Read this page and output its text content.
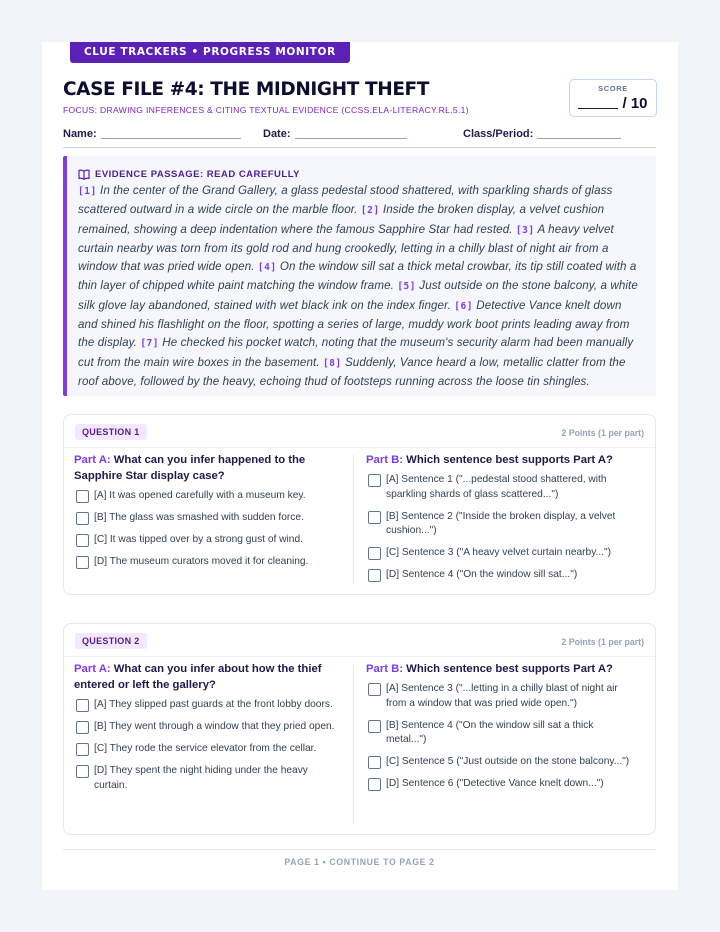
CLUE TRACKERS • PROGRESS MONITOR
CASE FILE #4: THE MIDNIGHT THEFT
FOCUS: DRAWING INFERENCES & CITING TEXTUAL EVIDENCE (CCSS.ELA-LITERACY.RL.5.1)
SCORE
/ 10
Name:	Date:	Class/Period:
EVIDENCE PASSAGE: READ CAREFULLY
[1] In the center of the Grand Gallery, a glass pedestal stood shattered, with sparkling shards of glass scattered outward in a wide circle on the marble floor. [2] Inside the broken display, a velvet cushion remained, showing a deep indentation where the famous Sapphire Star had rested. [3] A heavy velvet curtain nearby was torn from its gold rod and hung crookedly, letting in a chilly blast of night air from a window that was pried wide open. [4] On the window sill sat a thick metal crowbar, its tip still coated with a thin layer of chipped white paint matching the window frame. [5] Just outside on the stone balcony, a white silk glove lay abandoned, stained with wet black ink on the index finger. [6] Detective Vance knelt down and shined his flashlight on the floor, spotting a series of large, muddy work boot prints leading away from the display. [7] He checked his pocket watch, noting that the museum's security alarm had been manually cut from the main wire boxes in the basement. [8] Suddenly, Vance heard a low, metallic clatter from the roof above, followed by the heavy, echoing thud of footsteps running across the loose tin shingles.
QUESTION 1	2 Points (1 per part)
Part A: What can you infer happened to the Sapphire Star display case?
[A] It was opened carefully with a museum key.
[B] The glass was smashed with sudden force.
[C] It was tipped over by a strong gust of wind.
[D] The museum curators moved it for cleaning.
Part B: Which sentence best supports Part A?
[A] Sentence 1 ("...pedestal stood shattered, with sparkling shards of glass scattered...")
[B] Sentence 2 ("Inside the broken display, a velvet cushion...")
[C] Sentence 3 ("A heavy velvet curtain nearby...")
[D] Sentence 4 ("On the window sill sat...")
QUESTION 2	2 Points (1 per part)
Part A: What can you infer about how the thief entered or left the gallery?
[A] They slipped past guards at the front lobby doors.
[B] They went through a window that they pried open.
[C] They rode the service elevator from the cellar.
[D] They spent the night hiding under the heavy curtain.
Part B: Which sentence best supports Part A?
[A] Sentence 3 ("...letting in a chilly blast of night air from a window that was pried wide open.")
[B] Sentence 4 ("On the window sill sat a thick metal...")
[C] Sentence 5 ("Just outside on the stone balcony...")
[D] Sentence 6 ("Detective Vance knelt down...")
PAGE 1 • CONTINUE TO PAGE 2
